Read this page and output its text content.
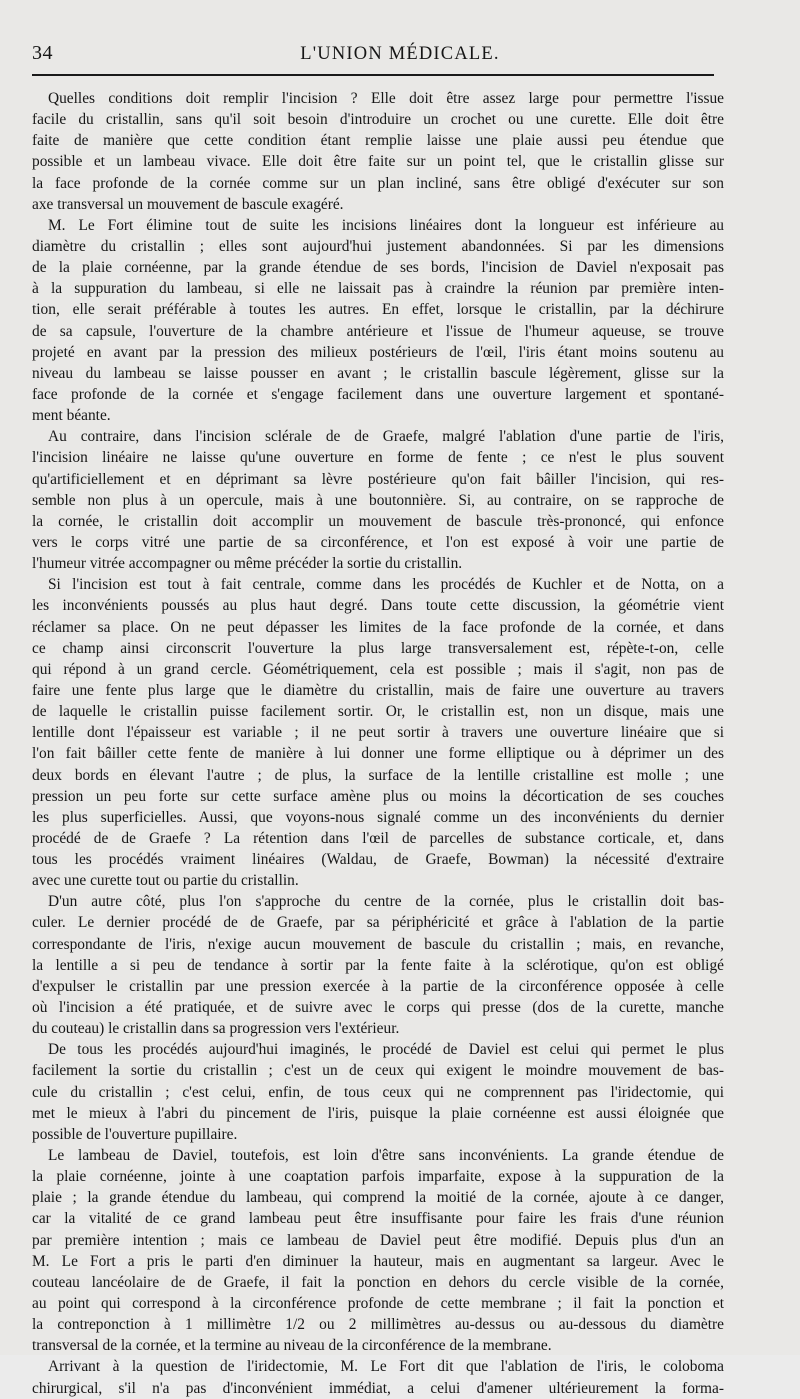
34	L'UNION MÉDICALE.
Quelles conditions doit remplir l'incision ? Elle doit être assez large pour permettre l'issue
facile du cristallin, sans qu'il soit besoin d'introduire un crochet ou une curette. Elle doit être
faite de manière que cette condition étant remplie laisse une plaie aussi peu étendue que
possible et un lambeau vivace. Elle doit être faite sur un point tel, que le cristallin glisse sur
la face profonde de la cornée comme sur un plan incliné, sans être obligé d'exécuter sur son
axe transversal un mouvement de bascule exagéré.
M. Le Fort élimine tout de suite les incisions linéaires dont la longueur est inférieure au
diamètre du cristallin ; elles sont aujourd'hui justement abandonnées. Si par les dimensions
de la plaie cornéenne, par la grande étendue de ses bords, l'incision de Daviel n'exposait pas
à la suppuration du lambeau, si elle ne laissait pas à craindre la réunion par première inten-
tion, elle serait préférable à toutes les autres. En effet, lorsque le cristallin, par la déchirure
de sa capsule, l'ouverture de la chambre antérieure et l'issue de l'humeur aqueuse, se trouve
projeté en avant par la pression des milieux postérieurs de l'œil, l'iris étant moins soutenu au
niveau du lambeau se laisse pousser en avant ; le cristallin bascule légèrement, glisse sur la
face profonde de la cornée et s'engage facilement dans une ouverture largement et spontané-
ment béante.
Au contraire, dans l'incision sclérale de de Graefe, malgré l'ablation d'une partie de l'iris,
l'incision linéaire ne laisse qu'une ouverture en forme de fente ; ce n'est le plus souvent
qu'artificiellement et en déprimant sa lèvre postérieure qu'on fait bâiller l'incision, qui res-
semble non plus à un opercule, mais à une boutonnière. Si, au contraire, on se rapproche de
la cornée, le cristallin doit accomplir un mouvement de bascule très-prononcé, qui enfonce
vers le corps vitré une partie de sa circonférence, et l'on est exposé à voir une partie de
l'humeur vitrée accompagner ou même précéder la sortie du cristallin.
Si l'incision est tout à fait centrale, comme dans les procédés de Kuchler et de Notta, on a
les inconvénients poussés au plus haut degré. Dans toute cette discussion, la géométrie vient
réclamer sa place. On ne peut dépasser les limites de la face profonde de la cornée, et dans
ce champ ainsi circonscrit l'ouverture la plus large transversalement est, répète-t-on, celle
qui répond à un grand cercle. Géométriquement, cela est possible ; mais il s'agit, non pas de
faire une fente plus large que le diamètre du cristallin, mais de faire une ouverture au travers
de laquelle le cristallin puisse facilement sortir. Or, le cristallin est, non un disque, mais une
lentille dont l'épaisseur est variable ; il ne peut sortir à travers une ouverture linéaire que si
l'on fait bâiller cette fente de manière à lui donner une forme elliptique ou à déprimer un des
deux bords en élevant l'autre ; de plus, la surface de la lentille cristalline est molle ; une
pression un peu forte sur cette surface amène plus ou moins la décortication de ses couches
les plus superficielles. Aussi, que voyons-nous signalé comme un des inconvénients du dernier
procédé de de Graefe ? La rétention dans l'œil de parcelles de substance corticale, et, dans
tous les procédés vraiment linéaires (Waldau, de Graefe, Bowman) la nécessité d'extraire
avec une curette tout ou partie du cristallin.
D'un autre côté, plus l'on s'approche du centre de la cornée, plus le cristallin doit bas-
culer. Le dernier procédé de de Graefe, par sa périphéricité et grâce à l'ablation de la partie
correspondante de l'iris, n'exige aucun mouvement de bascule du cristallin ; mais, en revanche,
la lentille a si peu de tendance à sortir par la fente faite à la sclérotique, qu'on est obligé
d'expulser le cristallin par une pression exercée à la partie de la circonférence opposée à celle
où l'incision a été pratiquée, et de suivre avec le corps qui presse (dos de la curette, manche
du couteau) le cristallin dans sa progression vers l'extérieur.
De tous les procédés aujourd'hui imaginés, le procédé de Daviel est celui qui permet le plus
facilement la sortie du cristallin ; c'est un de ceux qui exigent le moindre mouvement de bas-
cule du cristallin ; c'est celui, enfin, de tous ceux qui ne comprennent pas l'iridectomie, qui
met le mieux à l'abri du pincement de l'iris, puisque la plaie cornéenne est aussi éloignée que
possible de l'ouverture pupillaire.
Le lambeau de Daviel, toutefois, est loin d'être sans inconvénients. La grande étendue de
la plaie cornéenne, jointe à une coaptation parfois imparfaite, expose à la suppuration de la
plaie ; la grande étendue du lambeau, qui comprend la moitié de la cornée, ajoute à ce danger,
car la vitalité de ce grand lambeau peut être insuffisante pour faire les frais d'une réunion
par première intention ; mais ce lambeau de Daviel peut être modifié. Depuis plus d'un an
M. Le Fort a pris le parti d'en diminuer la hauteur, mais en augmentant sa largeur. Avec le
couteau lancéolaire de de Graefe, il fait la ponction en dehors du cercle visible de la cornée,
au point qui correspond à la circonférence profonde de cette membrane ; il fait la ponction et
la contreponction à 1 millimètre 1/2 ou 2 millimètres au-dessus ou au-dessous du diamètre
transversal de la cornée, et la termine au niveau de la circonférence de la membrane.
Arrivant à la question de l'iridectomie, M. Le Fort dit que l'ablation de l'iris, le coloboma
chirurgical, s'il n'a pas d'inconvénient immédiat, a celui d'amener ultérieurement la forma-
